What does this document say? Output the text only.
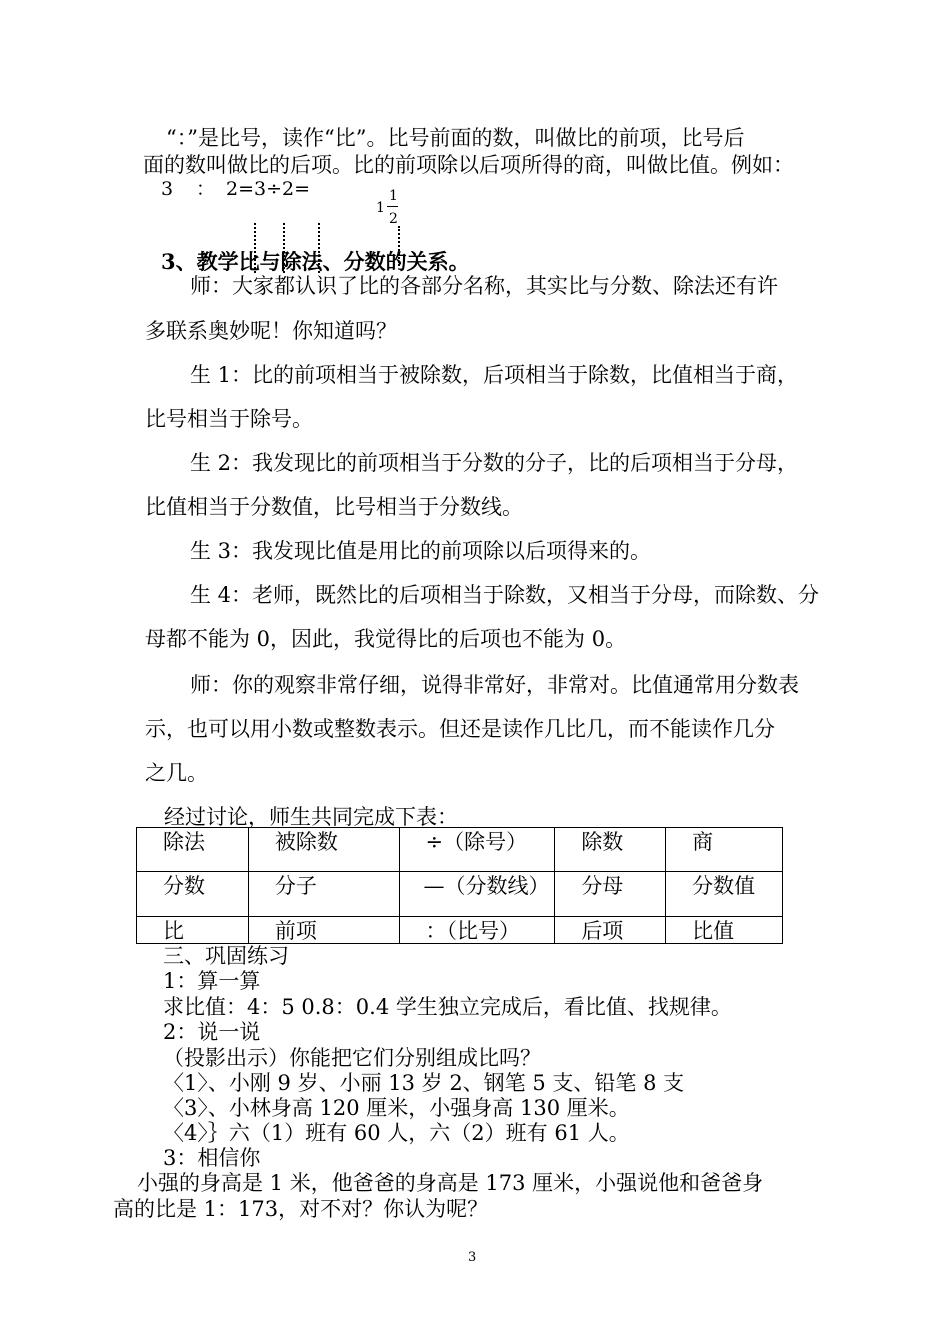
“：”是比号，读作“比”。比号前面的数，叫做比的前项，比号后
面的数叫做比的后项。比的前项除以后项所得的商，叫做比值。例如：
3 ： 2=3÷2=
1
1
2
3、教学比与除法、分数的关系。
师：大家都认识了比的各部分名称，其实比与分数、除法还有许
多联系奥妙呢！你知道吗？
生 1：比的前项相当于被除数，后项相当于除数，比值相当于商，
比号相当于除号。
生 2：我发现比的前项相当于分数的分子，比的后项相当于分母，
比值相当于分数值，比号相当于分数线。
生 3：我发现比值是用比的前项除以后项得来的。
生 4：老师，既然比的后项相当于除数，又相当于分母，而除数、分
母都不能为 0，因此，我觉得比的后项也不能为 0。
师：你的观察非常仔细，说得非常好，非常对。比值通常用分数表
示，也可以用小数或整数表示。但还是读作几比几，而不能读作几分
之几。
经过讨论，师生共同完成下表：
除法	被除数	÷（除号）	除数	商
分数	分子	—（分数线）	分母	分数值
比	前项	：（比号）	后项	比值
三、巩固练习
1：算一算
求比值：4：5 0.8：0.4 学生独立完成后，看比值、找规律。
2：说一说
（投影出示）你能把它们分别组成比吗？
〈1〉、小刚 9 岁、小丽 13 岁 2、钢笔 5 支、铅笔 8 支
〈3〉、小林身高 120 厘米，小强身高 130 厘米。
〈4〉｝六（1）班有 60 人，六（2）班有 61 人。
3：相信你
小强的身高是 1 米，他爸爸的身高是 173 厘米，小强说他和爸爸身
高的比是 1：173，对不对？你认为呢？
3
